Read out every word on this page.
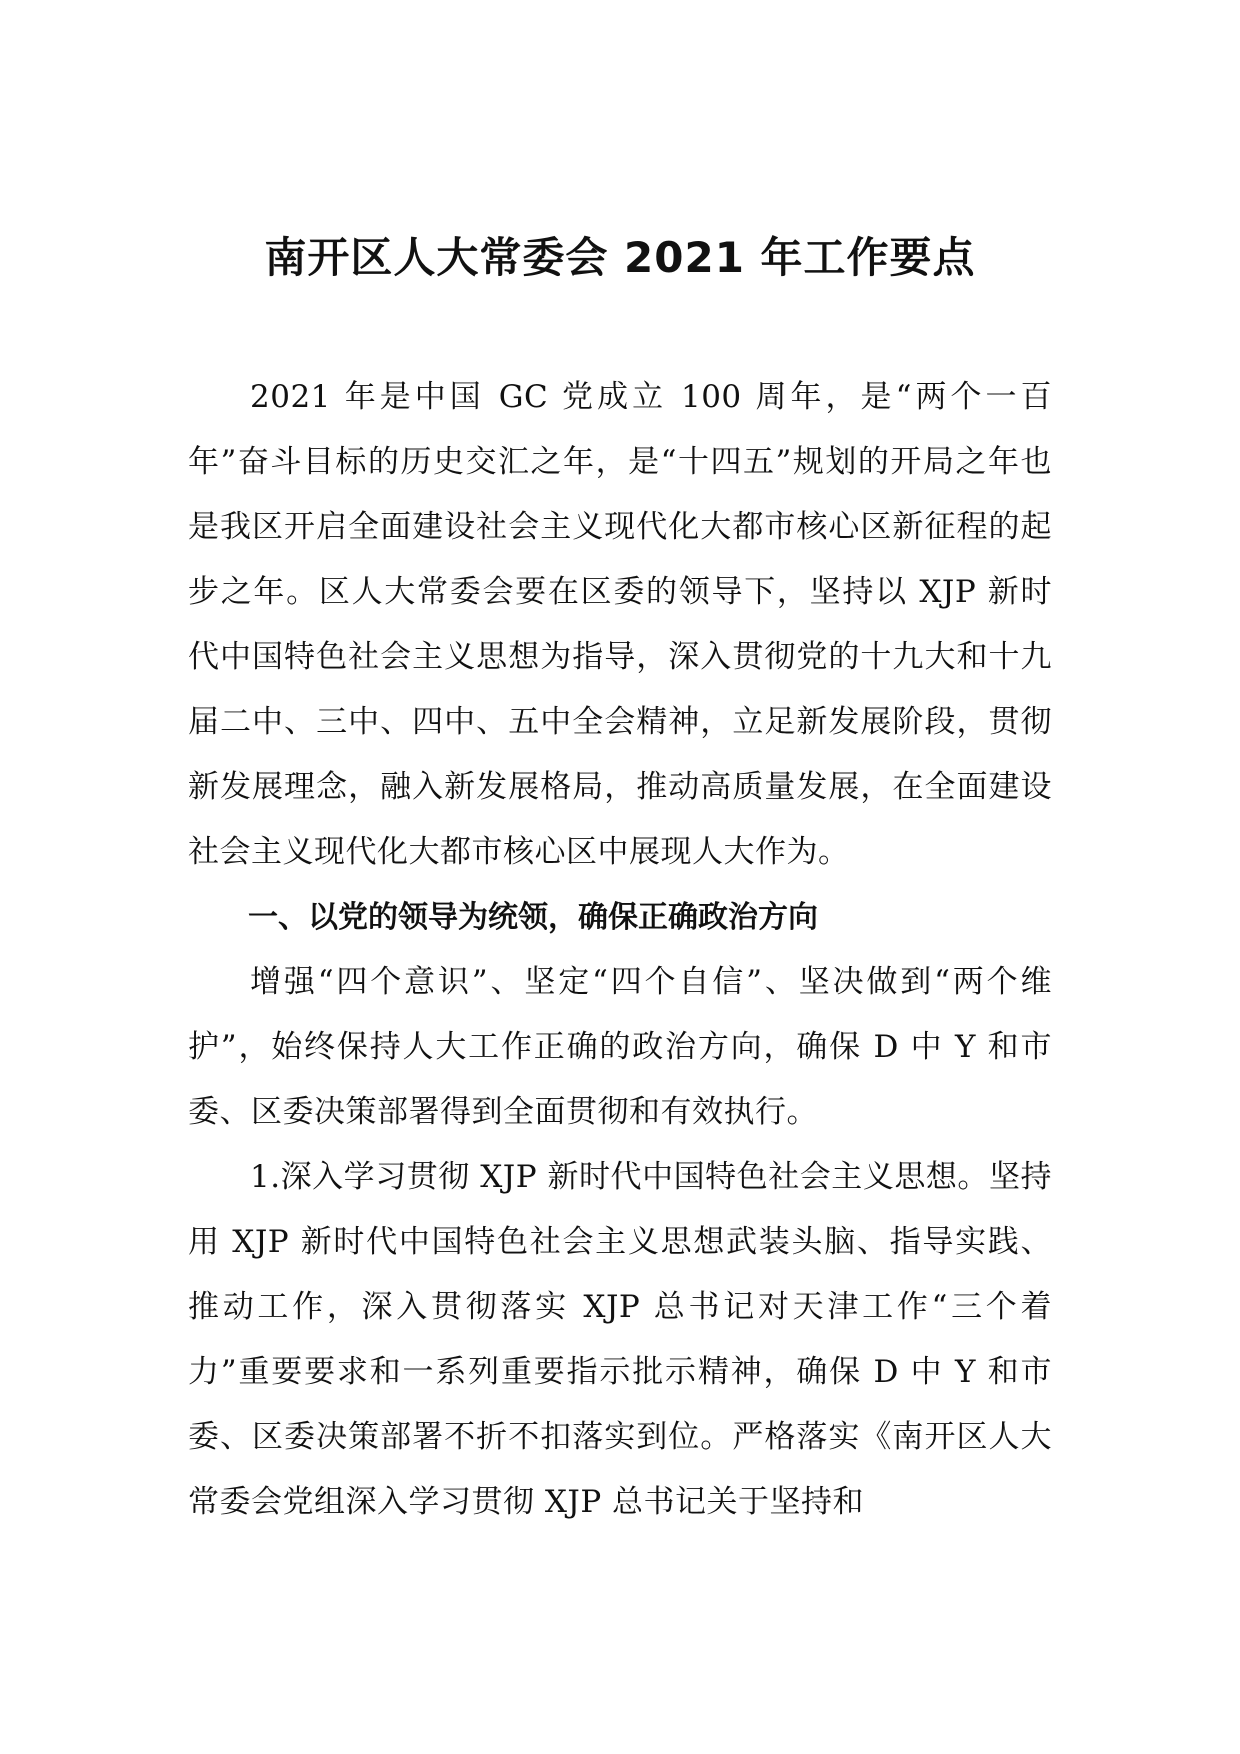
南开区人大常委会 2021 年工作要点

2021 年是中国 GC 党成立 100 周年，是“两个一百年”奋斗目标的历史交汇之年，是“十四五”规划的开局之年也是我区开启全面建设社会主义现代化大都市核心区新征程的起步之年。区人大常委会要在区委的领导下，坚持以 XJP 新时代中国特色社会主义思想为指导，深入贯彻党的十九大和十九届二中、三中、四中、五中全会精神，立足新发展阶段，贯彻新发展理念，融入新发展格局，推动高质量发展，在全面建设社会主义现代化大都市核心区中展现人大作为。

一、以党的领导为统领，确保正确政治方向

增强“四个意识”、坚定“四个自信”、坚决做到“两个维护”，始终保持人大工作正确的政治方向，确保 D 中 Y 和市委、区委决策部署得到全面贯彻和有效执行。

1.深入学习贯彻 XJP 新时代中国特色社会主义思想。坚持用 XJP 新时代中国特色社会主义思想武装头脑、指导实践、推动工作，深入贯彻落实 XJP 总书记对天津工作“三个着力”重要要求和一系列重要指示批示精神，确保 D 中 Y 和市委、区委决策部署不折不扣落实到位。严格落实《南开区人大常委会党组深入学习贯彻 XJP 总书记关于坚持和
